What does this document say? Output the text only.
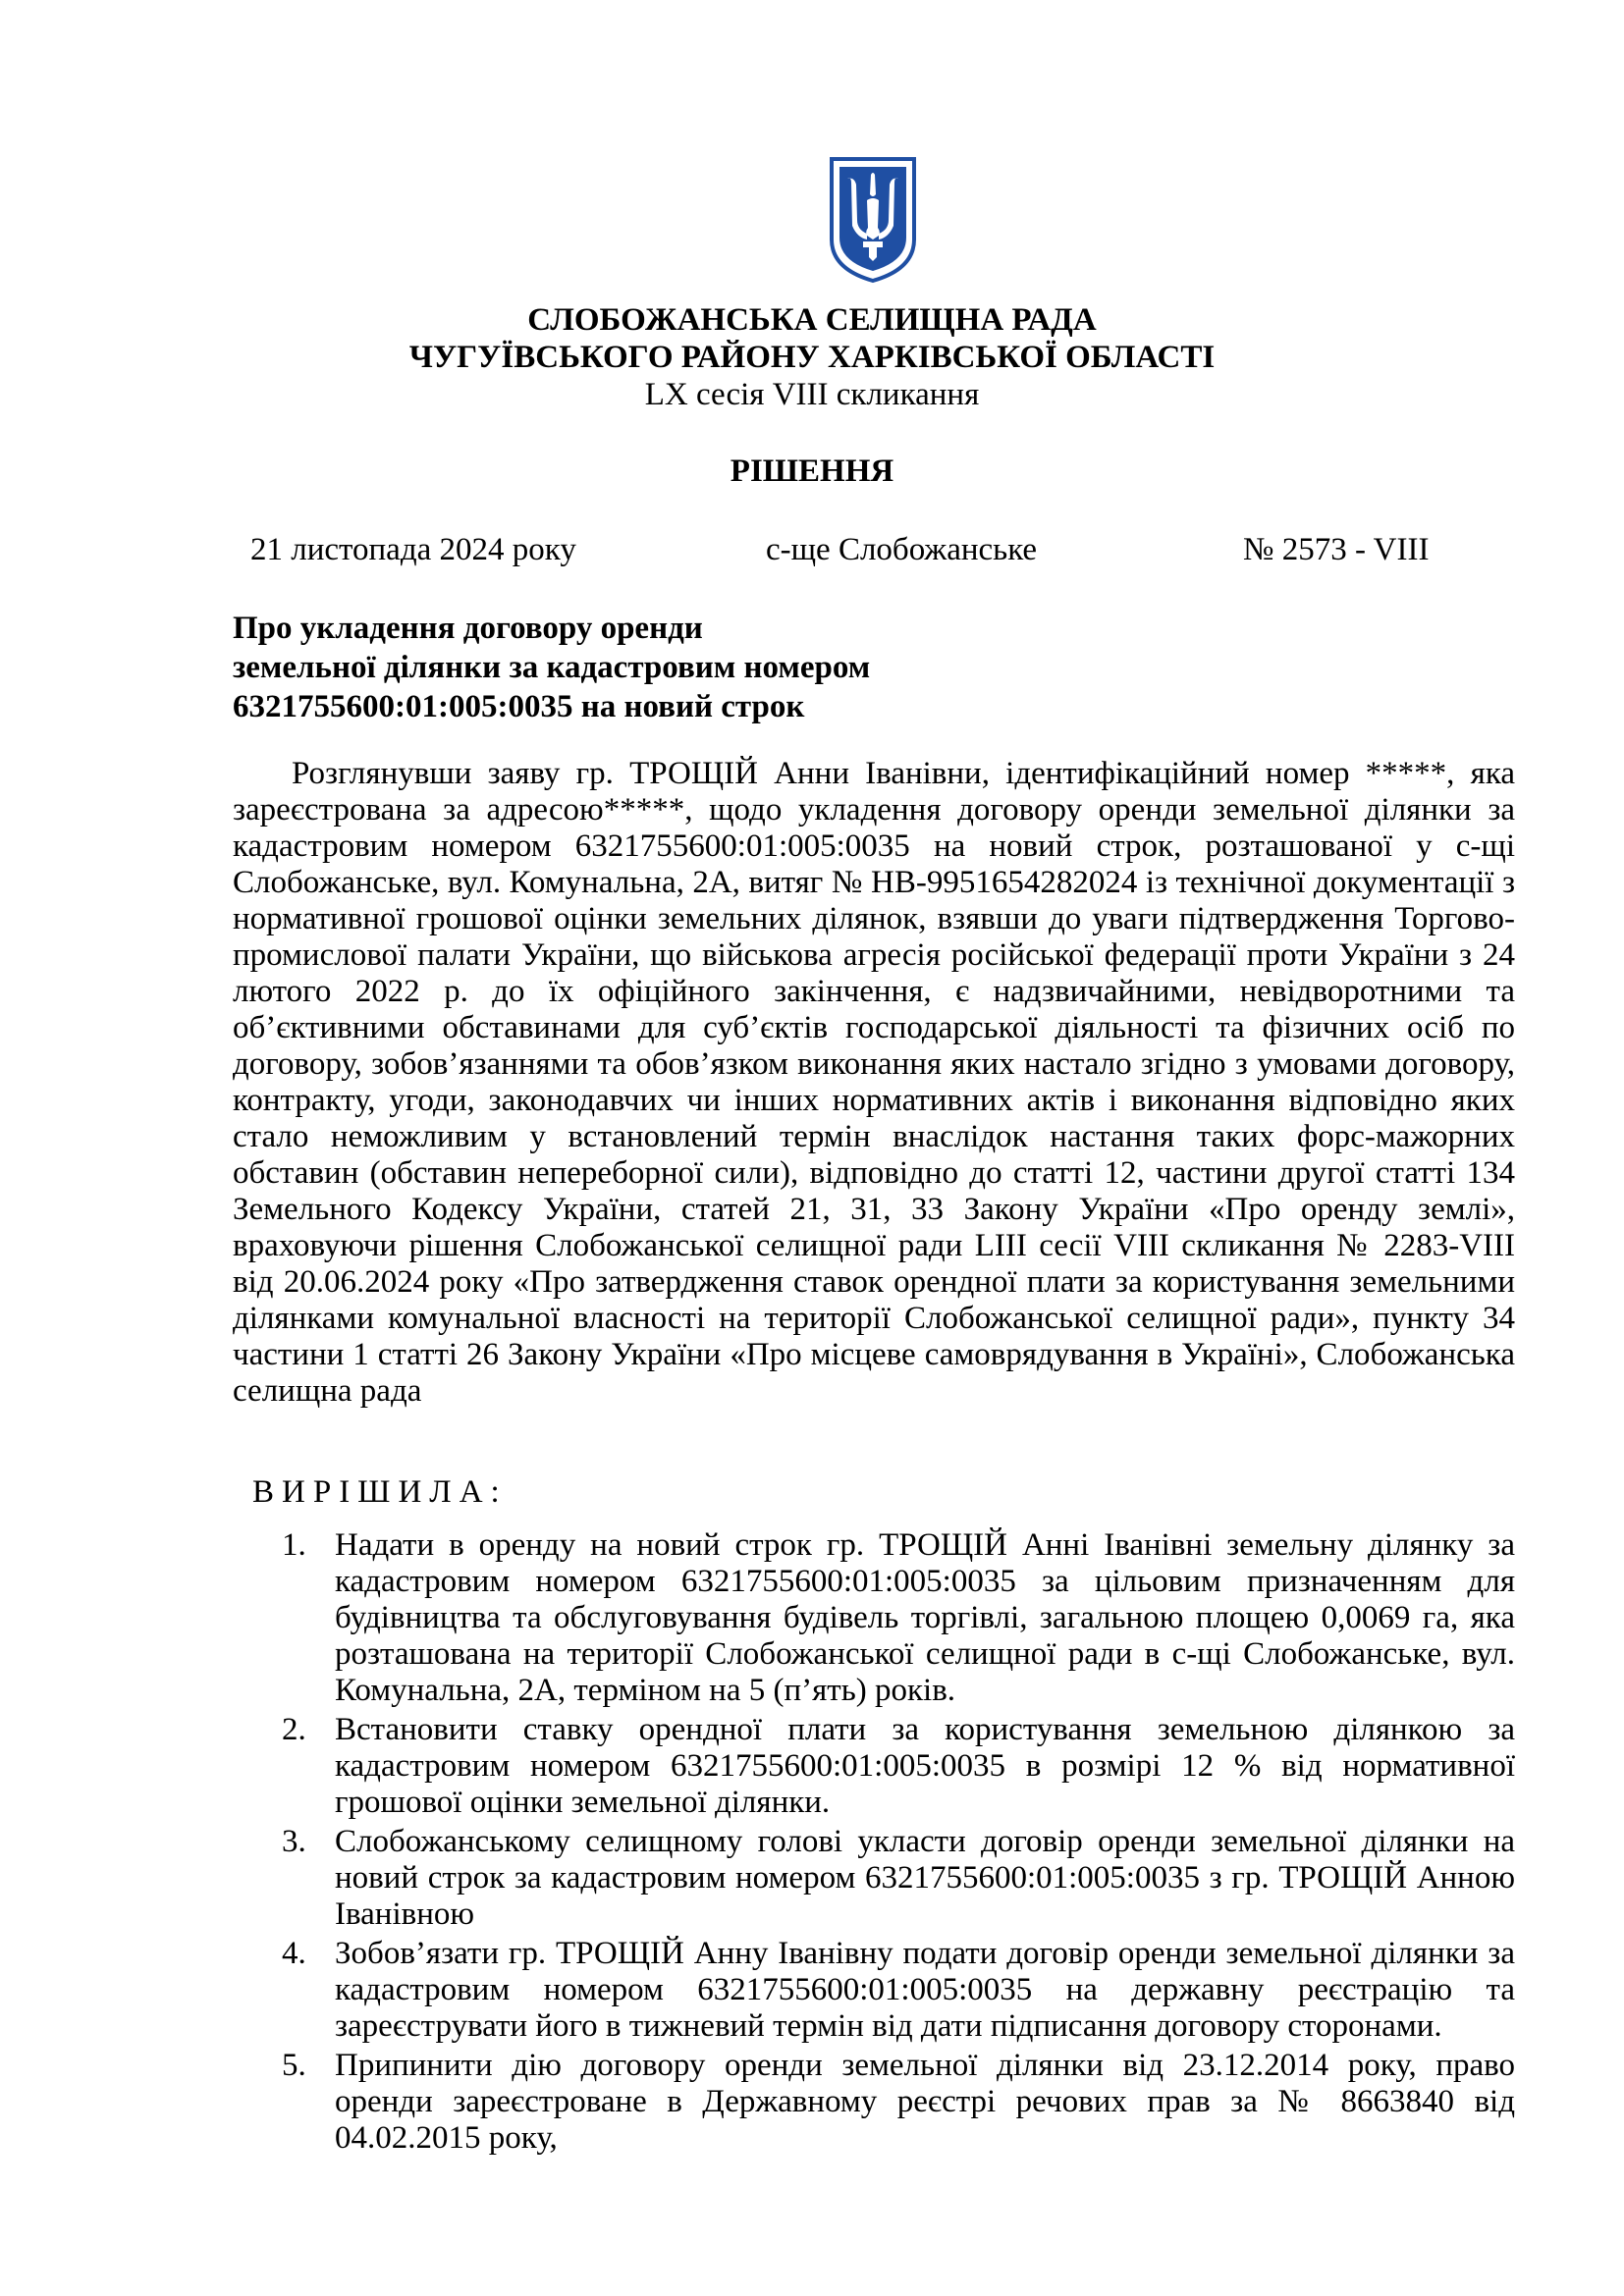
СЛОБОЖАНСЬКА СЕЛИЩНА РАДА
ЧУГУЇВСЬКОГО РАЙОНУ ХАРКІВСЬКОЇ ОБЛАСТІ
LX сесія VIII скликання
РІШЕННЯ
21 листопада 2024 року	с-ще Слобожанське	№ 2573 - VIII
Про укладення договору оренди
земельної ділянки за кадастровим номером
6321755600:01:005:0035 на новий строк
Розглянувши заяву гр. ТРОЩІЙ Анни Іванівни, ідентифікаційний номер *****, яка зареєстрована за адресою*****, щодо укладення договору оренди земельної ділянки за кадастровим номером 6321755600:01:005:0035 на новий строк, розташованої у с-щі Слобожанське, вул. Комунальна, 2А, витяг № НВ-9951654282024 із технічної документації з нормативної грошової оцінки земельних ділянок, взявши до уваги підтвердження Торгово-промислової палати України, що військова агресія російської федерації проти України з 24 лютого 2022 р. до їх офіційного закінчення, є надзвичайними, невідворотними та об’єктивними обставинами для суб’єктів господарської діяльності та фізичних осіб по договору, зобов’язаннями та обов’язком виконання яких настало згідно з умовами договору, контракту, угоди, законодавчих чи інших нормативних актів і виконання відповідно яких стало неможливим у встановлений термін внаслідок настання таких форс-мажорних обставин (обставин непереборної сили), відповідно до статті 12, частини другої статті 134 Земельного Кодексу України, статей 21, 31, 33 Закону України «Про оренду землі», враховуючи рішення Слобожанської селищної ради LIII сесії VIII скликання № 2283-VIII від 20.06.2024 року «Про затвердження ставок орендної плати за користування земельними ділянками комунальної власності на території Слобожанської селищної ради», пункту 34 частини 1 статті 26 Закону України «Про місцеве самоврядування в Україні», Слобожанська селищна рада
ВИРІШИЛА:
1. Надати в оренду на новий строк гр. ТРОЩІЙ Анні Іванівні земельну ділянку за кадастровим номером 6321755600:01:005:0035 за цільовим призначенням для будівництва та обслуговування будівель торгівлі, загальною площею 0,0069 га, яка розташована на території Слобожанської селищної ради в с-щі Слобожанське, вул. Комунальна, 2А, терміном на 5 (п’ять) років.
2. Встановити ставку орендної плати за користування земельною ділянкою за кадастровим номером 6321755600:01:005:0035 в розмірі 12 % від нормативної грошової оцінки земельної ділянки.
3. Слобожанському селищному голові укласти договір оренди земельної ділянки на новий строк за кадастровим номером 6321755600:01:005:0035 з гр. ТРОЩІЙ Анною Іванівною
4. Зобов’язати гр. ТРОЩІЙ Анну Іванівну подати договір оренди земельної ділянки за кадастровим номером 6321755600:01:005:0035 на державну реєстрацію та зареєструвати його в тижневий термін від дати підписання договору сторонами.
5. Припинити дію договору оренди земельної ділянки від 23.12.2014 року, право оренди зареєстроване в Державному реєстрі речових прав за № 8663840 від 04.02.2015 року,
